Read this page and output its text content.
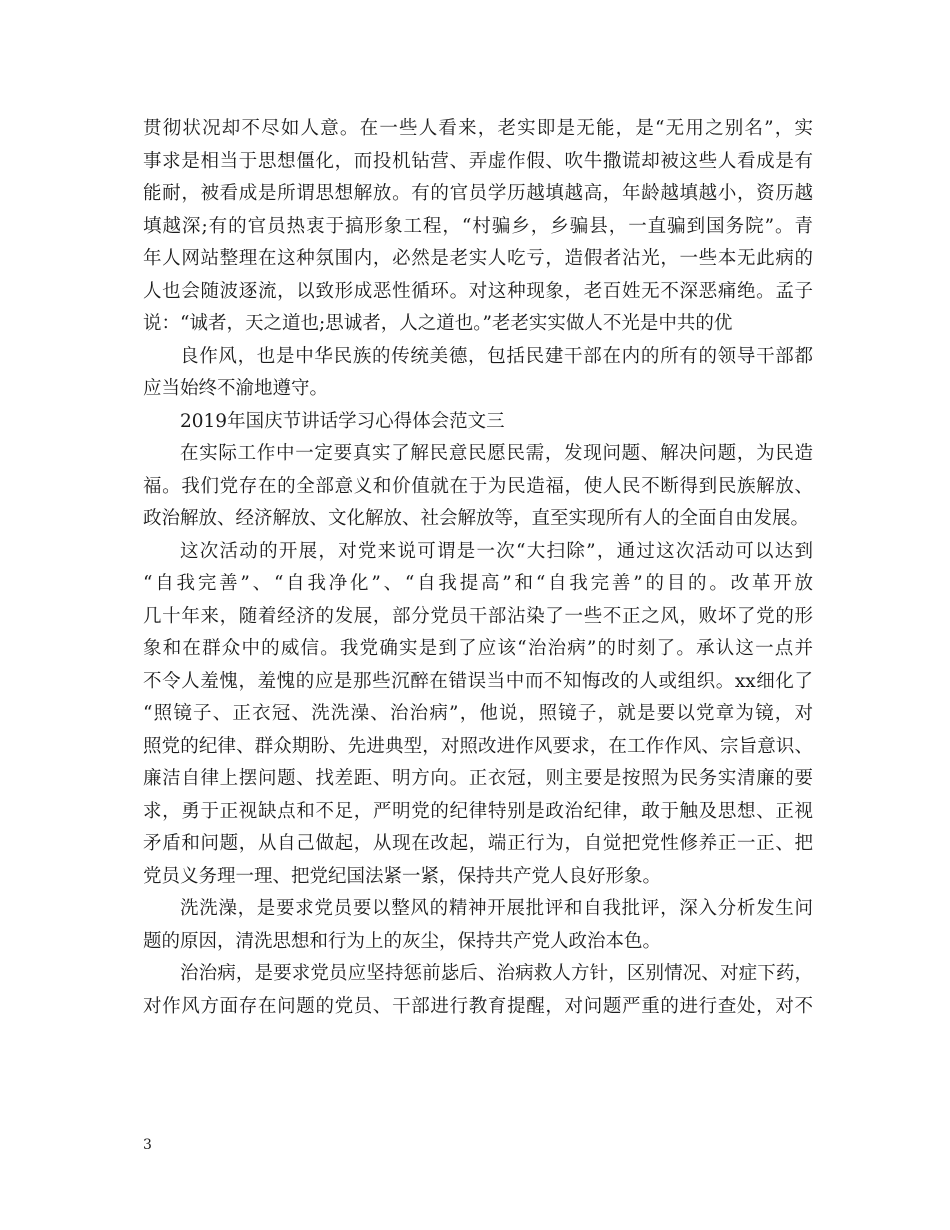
贯彻状况却不尽如人意。在一些人看来，老实即是无能，是“无用之别名”，实
事求是相当于思想僵化，而投机钻营、弄虚作假、吹牛撒谎却被这些人看成是有
能耐，被看成是所谓思想解放。有的官员学历越填越高，年龄越填越小，资历越
填越深;有的官员热衷于搞形象工程，“村骗乡，乡骗县，一直骗到国务院”。青
年人网站整理在这种氛围内，必然是老实人吃亏，造假者沾光，一些本无此病的
人也会随波逐流，以致形成恶性循环。对这种现象，老百姓无不深恶痛绝。孟子
说：“诚者，天之道也;思诚者，人之道也。”老老实实做人不光是中共的优
良作风，也是中华民族的传统美德，包括民建干部在内的所有的领导干部都
应当始终不渝地遵守。
2019年国庆节讲话学习心得体会范文三
在实际工作中一定要真实了解民意民愿民需，发现问题、解决问题，为民造
福。我们党存在的全部意义和价值就在于为民造福，使人民不断得到民族解放、
政治解放、经济解放、文化解放、社会解放等，直至实现所有人的全面自由发展。
这次活动的开展，对党来说可谓是一次“大扫除”，通过这次活动可以达到
“自我完善”、“自我净化”、“自我提高”和“自我完善”的目的。改革开放
几十年来，随着经济的发展，部分党员干部沾染了一些不正之风，败坏了党的形
象和在群众中的威信。我党确实是到了应该“治治病”的时刻了。承认这一点并
不令人羞愧，羞愧的应是那些沉醉在错误当中而不知悔改的人或组织。xx细化了
“照镜子、正衣冠、洗洗澡、治治病”，他说，照镜子，就是要以党章为镜，对
照党的纪律、群众期盼、先进典型，对照改进作风要求，在工作作风、宗旨意识、
廉洁自律上摆问题、找差距、明方向。正衣冠，则主要是按照为民务实清廉的要
求，勇于正视缺点和不足，严明党的纪律特别是政治纪律，敢于触及思想、正视
矛盾和问题，从自己做起，从现在改起，端正行为，自觉把党性修养正一正、把
党员义务理一理、把党纪国法紧一紧，保持共产党人良好形象。
洗洗澡，是要求党员要以整风的精神开展批评和自我批评，深入分析发生问
题的原因，清洗思想和行为上的灰尘，保持共产党人政治本色。
治治病，是要求党员应坚持惩前毖后、治病救人方针，区别情况、对症下药，
对作风方面存在问题的党员、干部进行教育提醒，对问题严重的进行查处，对不
3
